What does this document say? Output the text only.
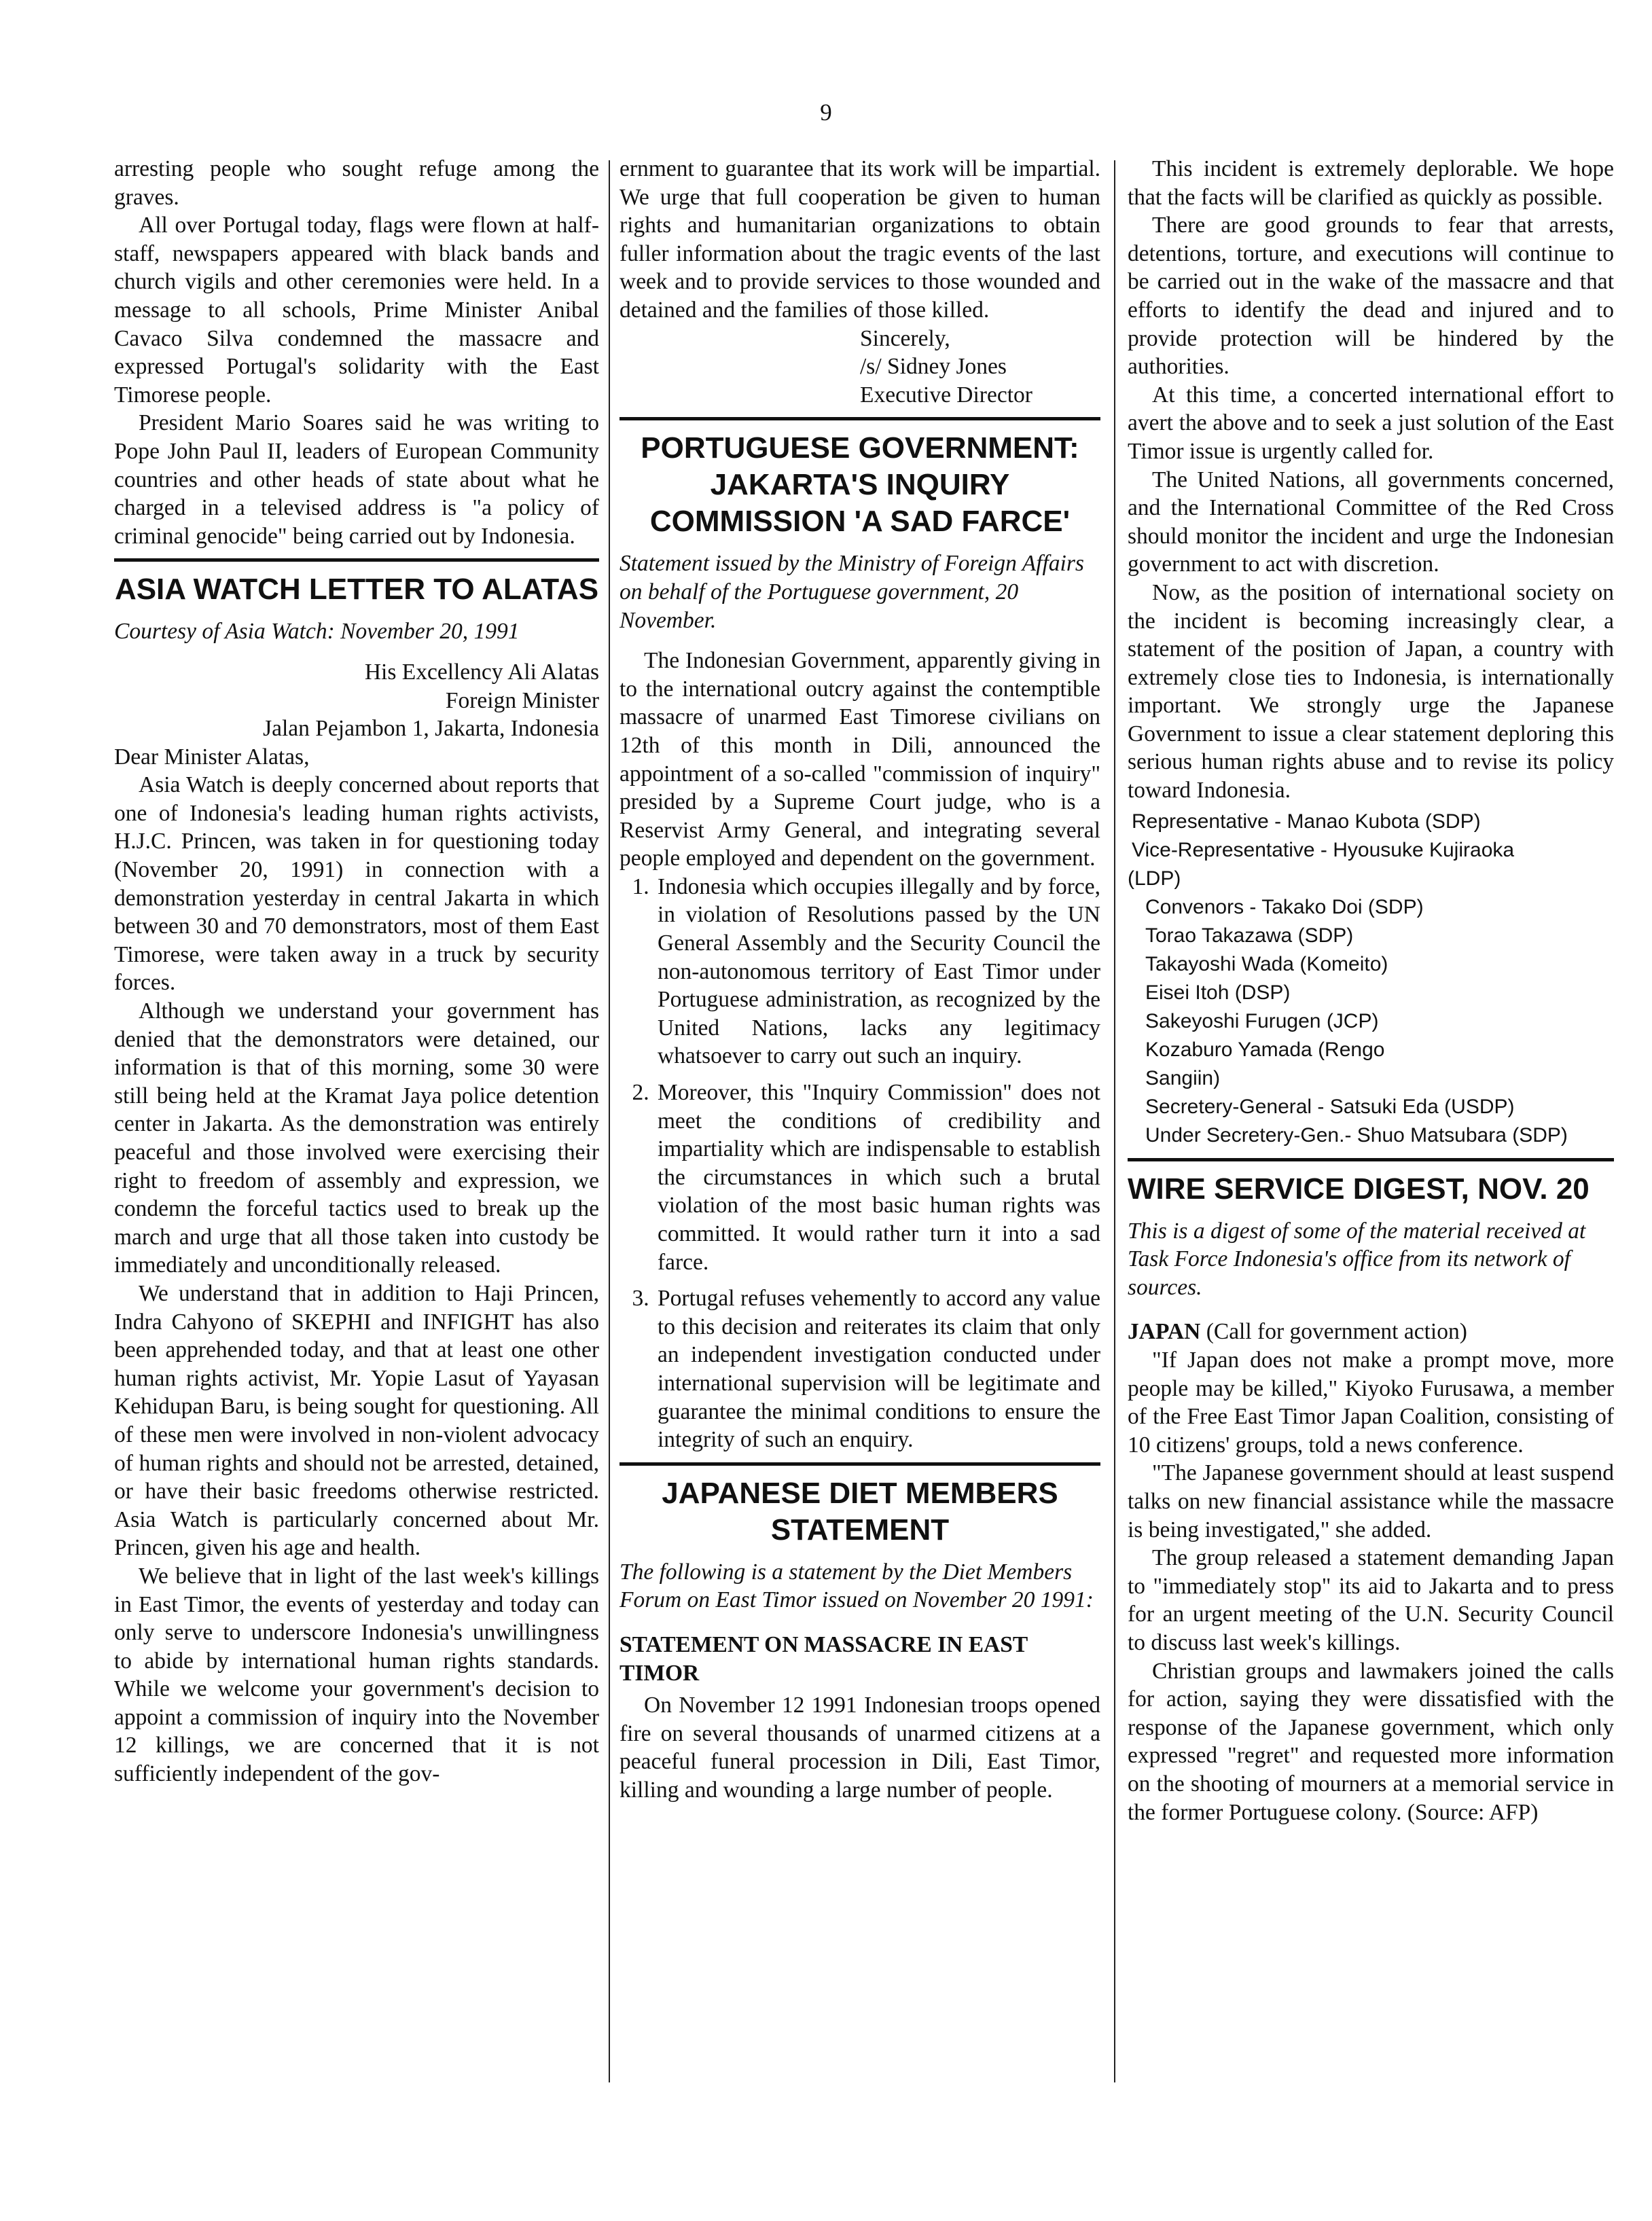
9

arresting people who sought refuge among the graves.

All over Portugal today, flags were flown at half-staff, newspapers appeared with black bands and church vigils and other ceremonies were held. In a message to all schools, Prime Minister Anibal Cavaco Silva condemned the massacre and expressed Portugal's solidarity with the East Timorese people.

President Mario Soares said he was writing to Pope John Paul II, leaders of European Community countries and other heads of state about what he charged in a televised address is "a policy of criminal genocide" being carried out by Indonesia.

ASIA WATCH LETTER TO ALATAS

Courtesy of Asia Watch: November 20, 1991

His Excellency Ali Alatas

Foreign Minister

Jalan Pejambon 1, Jakarta, Indonesia

Dear Minister Alatas,

Asia Watch is deeply concerned about reports that one of Indonesia's leading human rights activists, H.J.C. Princen, was taken in for questioning today (November 20, 1991) in connection with a demonstration yesterday in central Jakarta in which between 30 and 70 demonstrators, most of them East Timorese, were taken away in a truck by security forces.

Although we understand your government has denied that the demonstrators were detained, our information is that of this morning, some 30 were still being held at the Kramat Jaya police detention center in Jakarta. As the demonstration was entirely peaceful and those involved were exercising their right to freedom of assembly and expression, we condemn the forceful tactics used to break up the march and urge that all those taken into custody be immediately and unconditionally released.

We understand that in addition to Haji Princen, Indra Cahyono of SKEPHI and INFIGHT has also been apprehended today, and that at least one other human rights activist, Mr. Yopie Lasut of Yayasan Kehidupan Baru, is being sought for questioning. All of these men were involved in non-violent advocacy of human rights and should not be arrested, detained, or have their basic freedoms otherwise restricted. Asia Watch is particularly concerned about Mr. Princen, given his age and health.

We believe that in light of the last week's killings in East Timor, the events of yesterday and today can only serve to underscore Indonesia's unwillingness to abide by international human rights standards. While we welcome your government's decision to appoint a commission of inquiry into the November 12 killings, we are concerned that it is not sufficiently independent of the gov-

ernment to guarantee that its work will be impartial. We urge that full cooperation be given to human rights and humanitarian organizations to obtain fuller information about the tragic events of the last week and to provide services to those wounded and detained and the families of those killed.

Sincerely,

/s/ Sidney Jones

Executive Director

PORTUGUESE GOVERNMENT: JAKARTA'S INQUIRY COMMISSION 'A SAD FARCE'

Statement issued by the Ministry of Foreign Affairs on behalf of the Portuguese government, 20 November.

The Indonesian Government, apparently giving in to the international outcry against the contemptible massacre of unarmed East Timorese civilians on 12th of this month in Dili, announced the appointment of a so-called "commission of inquiry" presided by a Supreme Court judge, who is a Reservist Army General, and integrating several people employed and dependent on the government.

1. Indonesia which occupies illegally and by force, in violation of Resolutions passed by the UN General Assembly and the Security Council the non-autonomous territory of East Timor under Portuguese administration, as recognized by the United Nations, lacks any legitimacy whatsoever to carry out such an inquiry.
2. Moreover, this "Inquiry Commission" does not meet the conditions of credibility and impartiality which are indispensable to establish the circumstances in which such a brutal violation of the most basic human rights was committed. It would rather turn it into a sad farce.
3. Portugal refuses vehemently to accord any value to this decision and reiterates its claim that only an independent investigation conducted under international supervision will be legitimate and guarantee the minimal conditions to ensure the integrity of such an enquiry.
JAPANESE DIET MEMBERS STATEMENT

The following is a statement by the Diet Members Forum on East Timor issued on November 20 1991:

STATEMENT ON MASSACRE IN EAST TIMOR

On November 12 1991 Indonesian troops opened fire on several thousands of unarmed citizens at a peaceful funeral procession in Dili, East Timor, killing and wounding a large number of people.

This incident is extremely deplorable. We hope that the facts will be clarified as quickly as possible.

There are good grounds to fear that arrests, detentions, torture, and executions will continue to be carried out in the wake of the massacre and that efforts to identify the dead and injured and to provide protection will be hindered by the authorities.

At this time, a concerted international effort to avert the above and to seek a just solution of the East Timor issue is urgently called for.

The United Nations, all governments concerned, and the International Committee of the Red Cross should monitor the incident and urge the Indonesian government to act with discretion.

Now, as the position of international society on the incident is becoming increasingly clear, a statement of the position of Japan, a country with extremely close ties to Indonesia, is internationally important. We strongly urge the Japanese Government to issue a clear statement deploring this serious human rights abuse and to revise its policy toward Indonesia.

Representative - Manao Kubota (SDP)
Vice-Representative - Hyousuke Kujiraoka
(LDP)
Convenors - Takako Doi (SDP)
Torao Takazawa (SDP)
Takayoshi Wada (Komeito)
Eisei Itoh (DSP)
Sakeyoshi Furugen (JCP)
Kozaburo Yamada (Rengo
Sangiin)
Secretery-General - Satsuki Eda (USDP)
Under Secretery-Gen.- Shuo Matsubara (SDP)
WIRE SERVICE DIGEST, NOV. 20

This is a digest of some of the material received at Task Force Indonesia's office from its network of sources.

JAPAN (Call for government action)

"If Japan does not make a prompt move, more people may be killed," Kiyoko Furusawa, a member of the Free East Timor Japan Coalition, consisting of 10 citizens' groups, told a news conference.

"The Japanese government should at least suspend talks on new financial assistance while the massacre is being investigated," she added.

The group released a statement demanding Japan to "immediately stop" its aid to Jakarta and to press for an urgent meeting of the U.N. Security Council to discuss last week's killings.

Christian groups and lawmakers joined the calls for action, saying they were dissatisfied with the response of the Japanese government, which only expressed "regret" and requested more information on the shooting of mourners at a memorial service in the former Portuguese colony. (Source: AFP)
